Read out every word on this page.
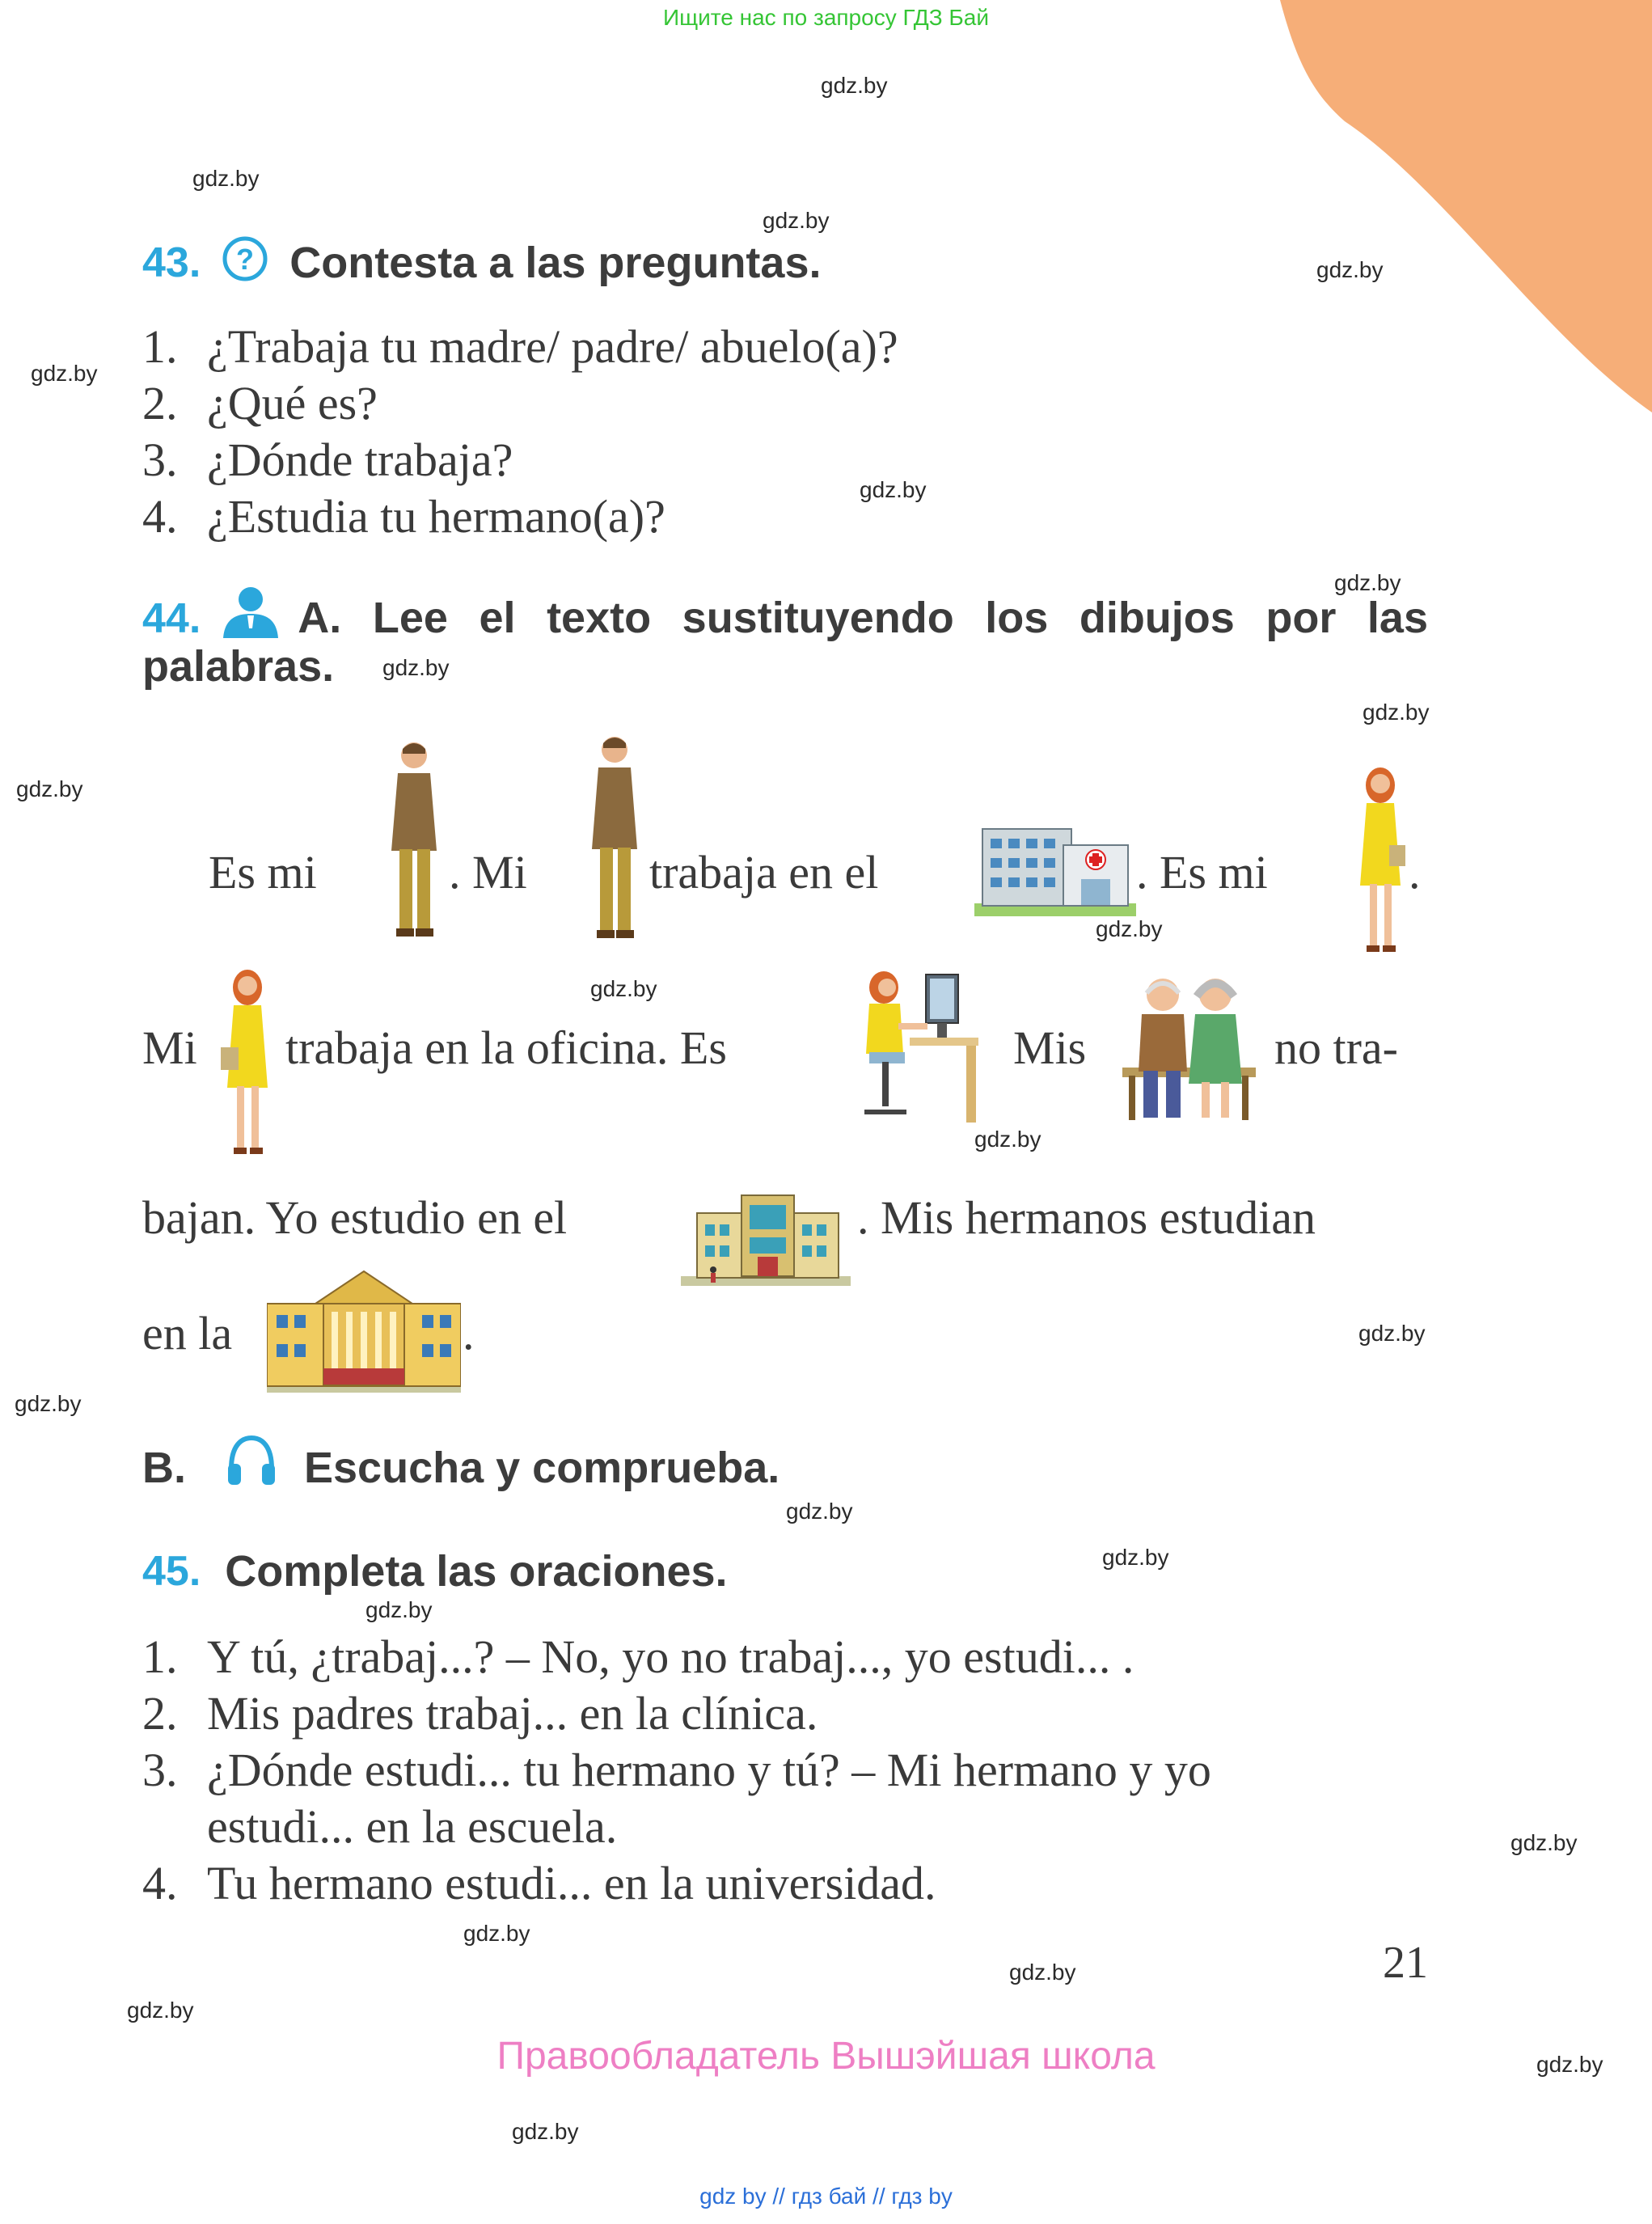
Ищите нас по запросу ГДЗ Бай
gdz.by
gdz.by
gdz.by
gdz.by
gdz.by
gdz.by
gdz.by
gdz.by
gdz.by
gdz.by
gdz.by
gdz.by
gdz.by
gdz.by
gdz.by
gdz.by
gdz.by
gdz.by
gdz.by
gdz.by
gdz.by
gdz.by
gdz.by
gdz.by
43. ? Contesta a las preguntas.
1. ¿Trabaja tu madre/ padre/ abuelo(a)?
2. ¿Qué es?
3. ¿Dónde trabaja?
4. ¿Estudia tu hermano(a)?
44. A. Lee el texto sustituyendo los dibujos por las
palabras.
Es mi	. Mi	trabaja en el	. Es mi	.
Mi trabaja en la oficina. Es	Mis	no tra-
bajan. Yo estudio en el	. Mis hermanos estudian
en la	.
B.	Escucha y comprueba.
45. Completa las oraciones.
1. Y tú, ¿trabaj...? – No, yo no trabaj..., yo estudi... .
2. Mis padres trabaj... en la clínica.
3. ¿Dónde estudi... tu hermano y tú? – Mi hermano y yo
estudi... en la escuela.
4. Tu hermano estudi... en la universidad.
21
Правообладатель Вышэйшая школа
gdz by // гдз бай // гдз by
